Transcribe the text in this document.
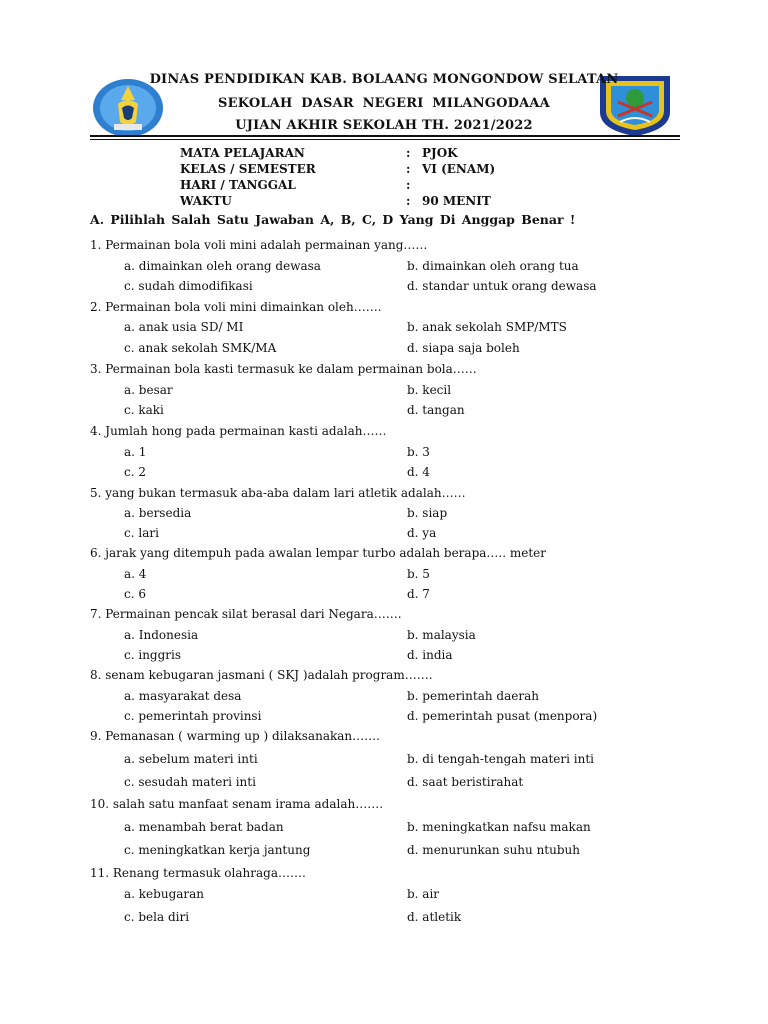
DINAS PENDIDIKAN KAB. BOLAANG MONGONDOW SELATAN
SEKOLAH DASAR NEGERI MILANGODAAA
UJIAN AKHIR SEKOLAH TH. 2021/2022
MATA PELAJARAN	: PJOK
KELAS / SEMESTER	: VI (ENAM)
HARI / TANGGAL	:
WAKTU	: 90 MENIT
A. Pilihlah Salah Satu Jawaban A, B, C, D Yang Di Anggap Benar !
1. Permainan bola voli mini adalah permainan yang……
a. dimainkan oleh orang dewasa	b. dimainkan oleh orang tua
c. sudah dimodifikasi	d. standar untuk orang dewasa
2. Permainan bola voli mini dimainkan oleh…….
a. anak usia SD/ MI	b. anak sekolah SMP/MTS
c. anak sekolah SMK/MA	d. siapa saja boleh
3. Permainan bola kasti termasuk ke dalam permainan bola……
a. besar	b. kecil
c. kaki	d. tangan
4. Jumlah hong pada permainan kasti adalah……
a. 1	b. 3
c. 2	d. 4
5. yang bukan termasuk aba-aba dalam lari atletik adalah……
a. bersedia	b. siap
c. lari	d. ya
6. jarak yang ditempuh pada awalan lempar turbo adalah berapa….. meter
a. 4	b. 5
c. 6	d. 7
7. Permainan pencak silat berasal dari Negara…….
a. Indonesia	b. malaysia
c. inggris	d. india
8. senam kebugaran jasmani ( SKJ )adalah program…….
a. masyarakat desa	b. pemerintah daerah
c. pemerintah provinsi	d. pemerintah pusat (menpora)
9. Pemanasan ( warming up ) dilaksanakan…….
a. sebelum materi inti	b. di tengah-tengah materi inti
c. sesudah materi inti	d. saat beristirahat
10. salah satu manfaat senam irama adalah…….
a. menambah berat badan	b. meningkatkan nafsu makan
c. meningkatkan kerja jantung	d. menurunkan suhu ntubuh
11. Renang termasuk olahraga…….
a. kebugaran	b. air
c. bela diri	d. atletik
